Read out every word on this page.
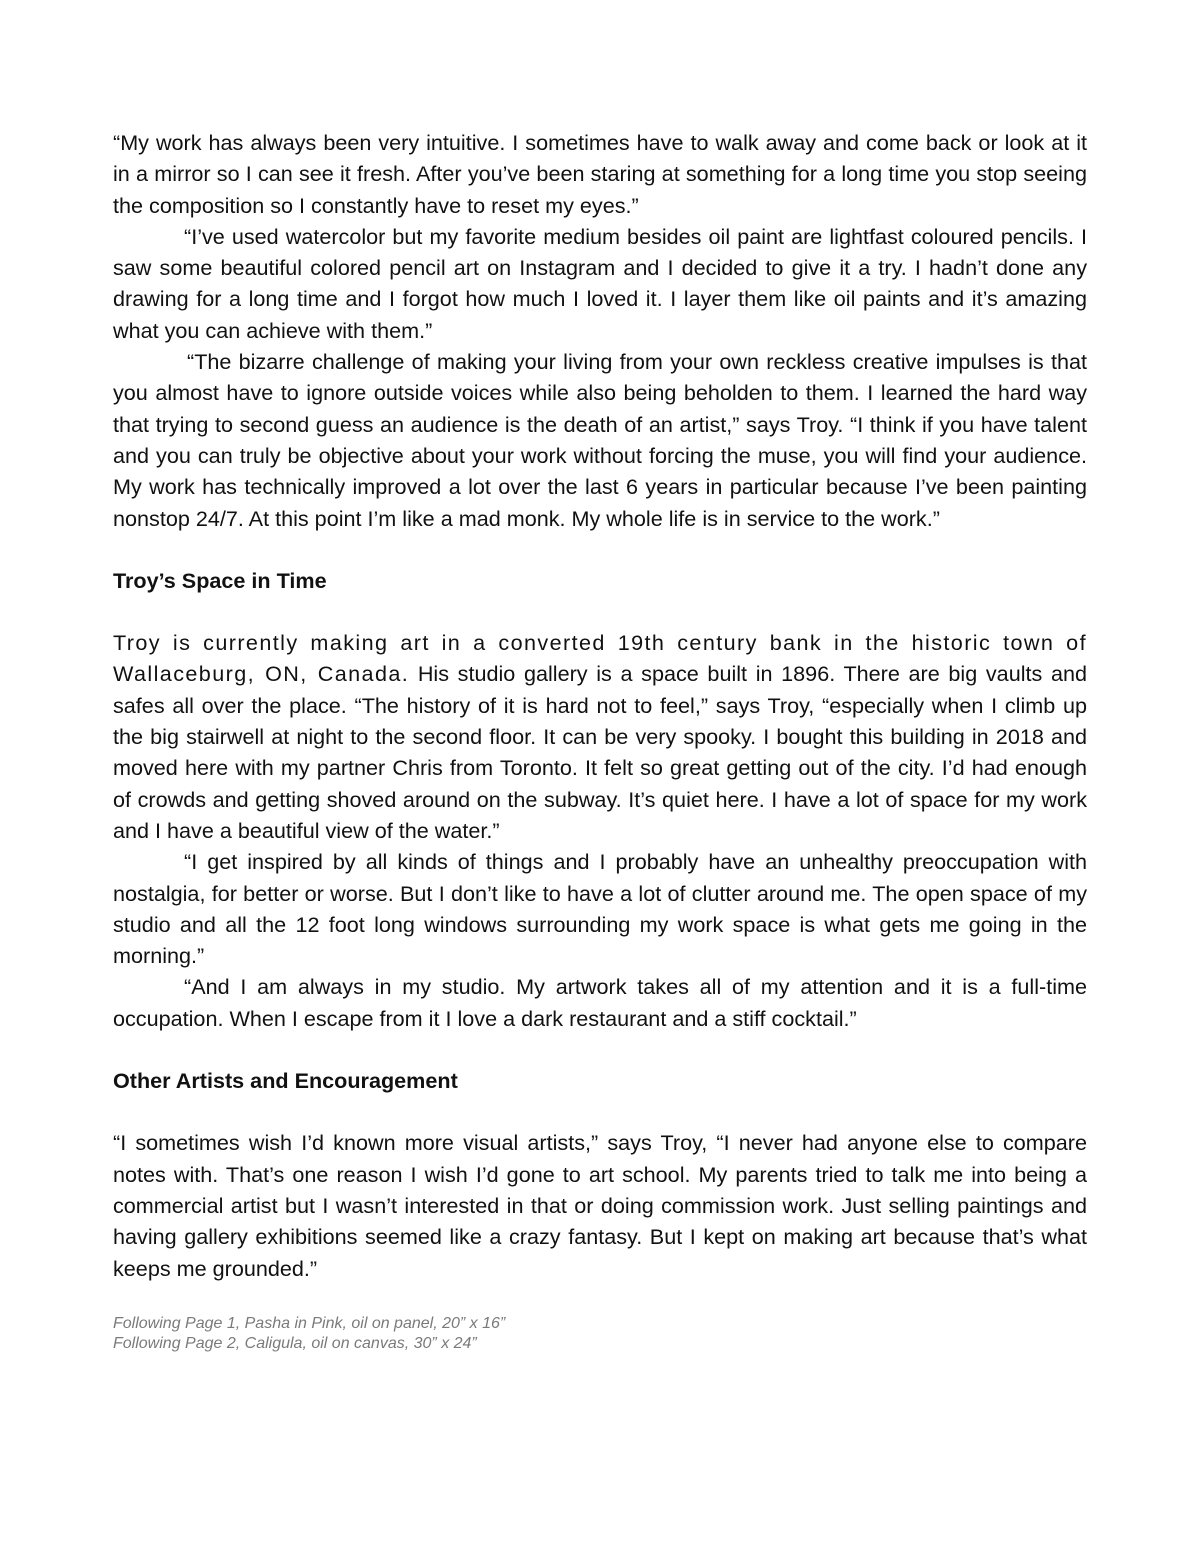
“My work has always been very intuitive. I sometimes have to walk away and come back or look at it in a mirror so I can see it fresh. After you’ve been staring at something for a long time you stop seeing the composition so I constantly have to reset my eyes.”

“I’ve used watercolor but my favorite medium besides oil paint are lightfast coloured pencils. I saw some beautiful colored pencil art on Instagram and I decided to give it a try. I hadn’t done any drawing for a long time and I forgot how much I loved it. I layer them like oil paints and it’s amazing what you can achieve with them.”

“The bizarre challenge of making your living from your own reckless creative impulses is that you almost have to ignore outside voices while also being beholden to them. I learned the hard way that trying to second guess an audience is the death of an artist,” says Troy. “I think if you have talent and you can truly be objective about your work without forcing the muse, you will find your audience. My work has technically improved a lot over the last 6 years in particular because I’ve been painting nonstop 24/7. At this point I’m like a mad monk. My whole life is in service to the work.”

Troy’s Space in Time

Troy is currently making art in a converted 19th century bank in the historic town of Wallaceburg, ON, Canada. His studio gallery is a space built in 1896. There are big vaults and safes all over the place. “The history of it is hard not to feel,” says Troy, “especially when I climb up the big stairwell at night to the second floor. It can be very spooky. I bought this building in 2018 and moved here with my partner Chris from Toronto. It felt so great getting out of the city. I’d had enough of crowds and getting shoved around on the subway. It’s quiet here. I have a lot of space for my work and I have a beautiful view of the water.”

“I get inspired by all kinds of things and I probably have an unhealthy preoccupation with nostalgia, for better or worse. But I don’t like to have a lot of clutter around me. The open space of my studio and all the 12 foot long windows surrounding my work space is what gets me going in the morning.”

“And I am always in my studio. My artwork takes all of my attention and it is a full-time occupation. When I escape from it I love a dark restaurant and a stiff cocktail.”

Other Artists and Encouragement

“I sometimes wish I’d known more visual artists,” says Troy, “I never had anyone else to compare notes with. That’s one reason I wish I’d gone to art school. My parents tried to talk me into being a commercial artist but I wasn’t interested in that or doing commission work. Just selling paintings and having gallery exhibitions seemed like a crazy fantasy. But I kept on making art because that’s what keeps me grounded.”

Following Page 1, Pasha in Pink, oil on panel, 20” x 16”

Following Page 2, Caligula, oil on canvas, 30” x 24”
